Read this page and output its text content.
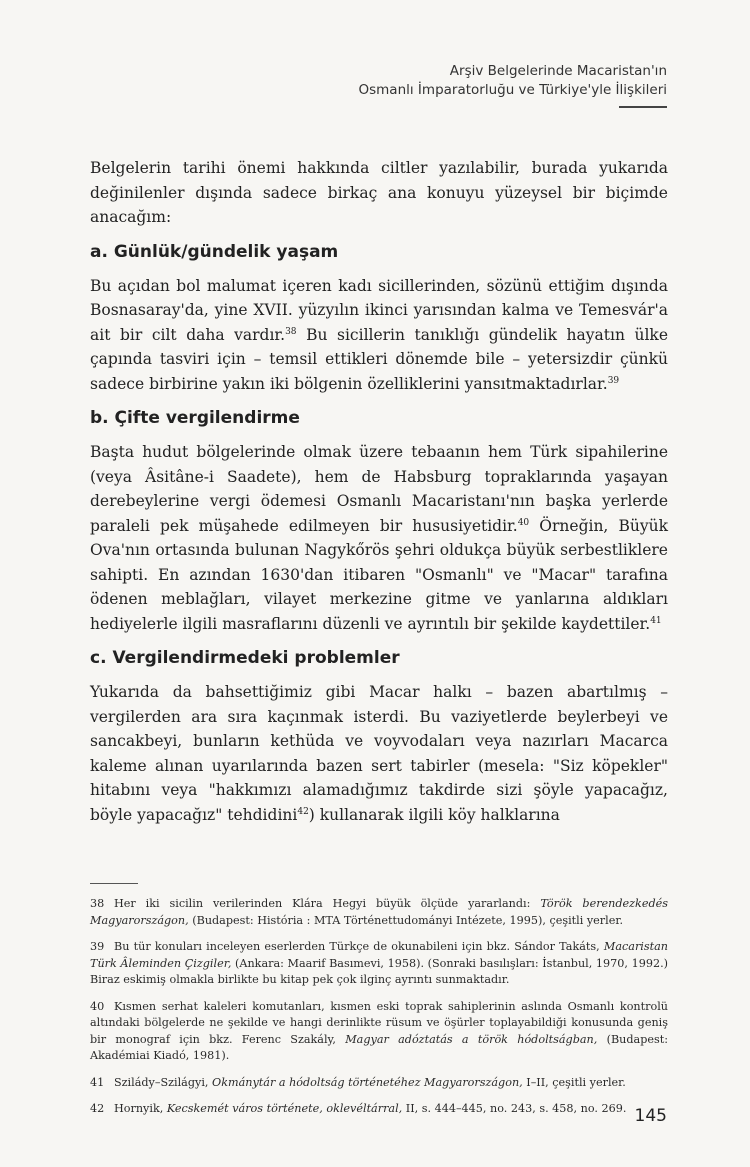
Arşiv Belgelerinde Macaristan'ın
Osmanlı İmparatorluğu ve Türkiye'yle İlişkileri

Belgelerin tarihi önemi hakkında ciltler yazılabilir, burada yukarıda değinilenler dışında sadece birkaç ana konuyu yüzeysel bir biçimde anacağım:

a. Günlük/gündelik yaşam

Bu açıdan bol malumat içeren kadı sicillerinden, sözünü ettiğim dışında Bosnasaray'da, yine XVII. yüzyılın ikinci yarısından kalma ve Temesvár'a ait bir cilt daha vardır.$^{38}$ Bu sicillerin tanıklığı gündelik hayatın ülke çapında tasviri için – temsil ettikleri dönemde bile – yetersizdir çünkü sadece birbirine yakın iki bölgenin özelliklerini yansıtmaktadırlar.$^{39}$

b. Çifte vergilendirme

Başta hudut bölgelerinde olmak üzere tebaanın hem Türk sipahilerine (veya Âsitâne-i Saadete), hem de Habsburg topraklarında yaşayan derebeylerine vergi ödemesi Osmanlı Macaristanı'nın başka yerlerde paraleli pek müşahede edilmeyen bir hususiyetidir.$^{40}$ Örneğin, Büyük Ova'nın ortasında bulunan Nagykőrös şehri oldukça büyük serbestliklere sahipti. En azından 1630'dan itibaren "Osmanlı" ve "Macar" tarafına ödenen meblağları, vilayet merkezine gitme ve yanlarına aldıkları hediyelerle ilgili masraflarını düzenli ve ayrıntılı bir şekilde kaydettiler.$^{41}$

c. Vergilendirmedeki problemler

Yukarıda da bahsettiğimiz gibi Macar halkı – bazen abartılmış – vergilerden ara sıra kaçınmak isterdi. Bu vaziyetlerde beylerbeyi ve sancakbeyi, bunların kethüda ve voyvodaları veya nazırları Macarca kaleme alınan uyarılarında bazen sert tabirler (mesela: "Siz köpekler" hitabını veya "hakkımızı alamadığımız takdirde sizi şöyle yapacağız, böyle yapacağız" tehdidini$^{42}$) kullanarak ilgili köy halklarına

38 Her iki sicilin verilerinden Klára Hegyi büyük ölçüde yararlandı: Török berendezkedés Magyarországon, (Budapest: História : MTA Történettudományi Intézete, 1995), çeşitli yerler.
39 Bu tür konuları inceleyen eserlerden Türkçe de okunabileni için bkz. Sándor Takáts, Macaristan Türk Âleminden Çizgiler, (Ankara: Maarif Basımevi, 1958). (Sonraki basılışları: İstanbul, 1970, 1992.) Biraz eskimiş olmakla birlikte bu kitap pek çok ilginç ayrıntı sunmaktadır.
40 Kısmen serhat kaleleri komutanları, kısmen eski toprak sahiplerinin aslında Osmanlı kontrolü altındaki bölgelerde ne şekilde ve hangi derinlikte rüsum ve öşürler toplayabildiği konusunda geniş bir monograf için bkz. Ferenc Szakály, Magyar adóztatás a török hódoltságban, (Budapest: Akadémiai Kiadó, 1981).
41 Szilády–Szilágyi, Okmánytár a hódoltság történetéhez Magyarországon, I–II, çeşitli yerler.
42 Hornyik, Kecskemét város története, oklevéltárral, II, s. 444–445, no. 243, s. 458, no. 269. 145
